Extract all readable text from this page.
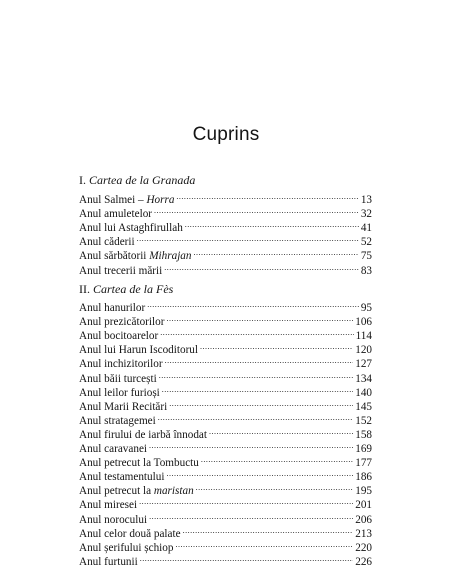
Cuprins
I. Cartea de la Granada
Anul Salmei – Horra .....	13
Anul amuletelor .....	32
Anul lui Astaghfirullah .....	41
Anul căderii .....	52
Anul sărbătorii Mihrajan .....	75
Anul trecerii mării .....	83
II. Cartea de la Fès
Anul hanurilor .....	95
Anul prezicătorilor .....	106
Anul bocitoarelor .....	114
Anul lui Harun Iscoditorul .....	120
Anul inchizitorilor .....	127
Anul băii turcești .....	134
Anul leilor furioși .....	140
Anul Marii Recitări .....	145
Anul stratagemei .....	152
Anul firului de iarbă înnodat .....	158
Anul caravanei .....	169
Anul petrecut la Tombuctu .....	177
Anul testamentului .....	186
Anul petrecut la maristan .....	195
Anul miresei .....	201
Anul norocului .....	206
Anul celor două palate .....	213
Anul șerifului șchiop .....	220
Anul furtunii .....	226
